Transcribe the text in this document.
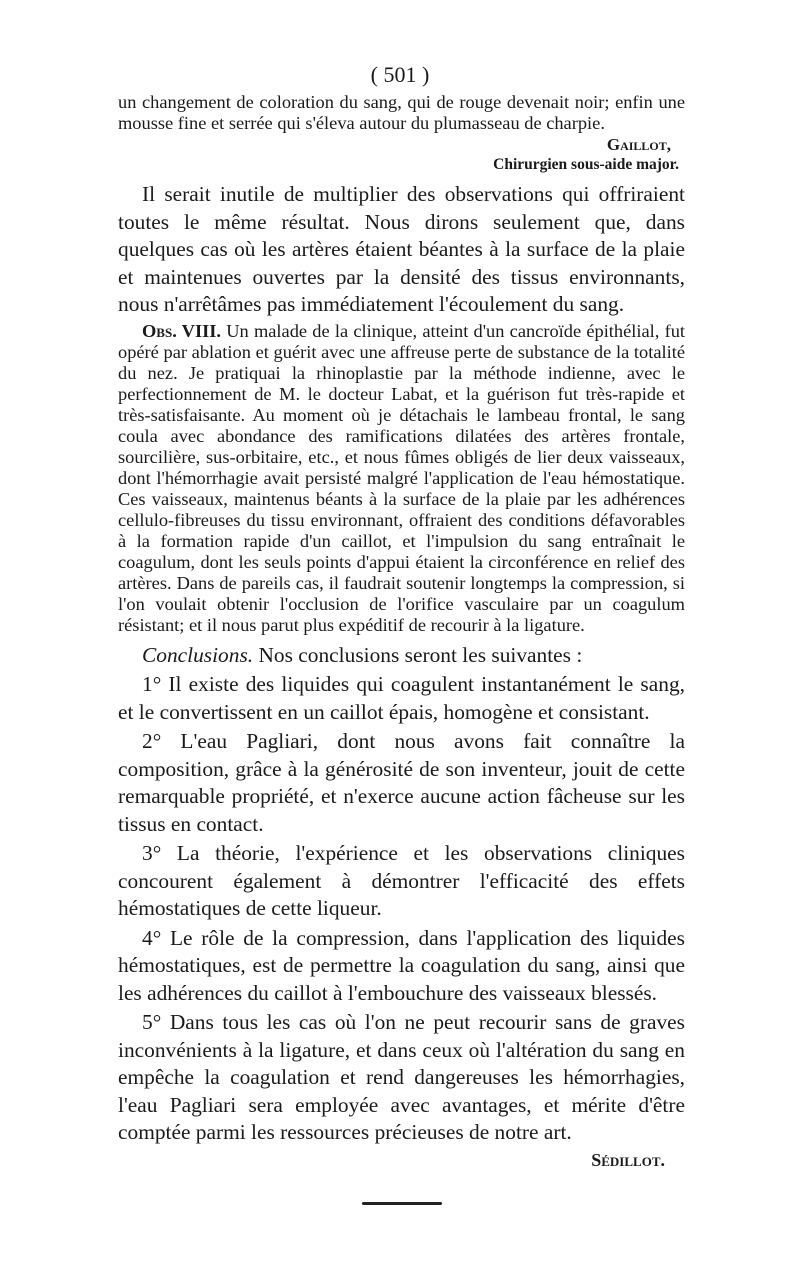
( 501 )

un changement de coloration du sang, qui de rouge devenait noir; enfin une mousse fine et serrée qui s'éleva autour du plumasseau de charpie.

Gaillot,
Chirurgien sous-aide major.

Il serait inutile de multiplier des observations qui offriraient toutes le même résultat. Nous dirons seulement que, dans quelques cas où les artères étaient béantes à la surface de la plaie et maintenues ouvertes par la densité des tissus environnants, nous n'arrêtâmes pas immédiatement l'écoulement du sang.

Obs. VIII. Un malade de la clinique, atteint d'un cancroïde épithélial, fut opéré par ablation et guérit avec une affreuse perte de substance de la totalité du nez. Je pratiquai la rhinoplastie par la méthode indienne, avec le perfectionnement de M. le docteur Labat, et la guérison fut très-rapide et très-satisfaisante. Au moment où je détachais le lambeau frontal, le sang coula avec abondance des ramifications dilatées des artères frontale, sourcilière, sus-orbitaire, etc., et nous fûmes obligés de lier deux vaisseaux, dont l'hémorrhagie avait persisté malgré l'application de l'eau hémostatique. Ces vaisseaux, maintenus béants à la surface de la plaie par les adhérences cellulo-fibreuses du tissu environnant, offraient des conditions défavorables à la formation rapide d'un caillot, et l'impulsion du sang entraînait le coagulum, dont les seuls points d'appui étaient la circonférence en relief des artères. Dans de pareils cas, il faudrait soutenir longtemps la compression, si l'on voulait obtenir l'occlusion de l'orifice vasculaire par un coagulum résistant; et il nous parut plus expéditif de recourir à la ligature.

Conclusions. Nos conclusions seront les suivantes :

1° Il existe des liquides qui coagulent instantanément le sang, et le convertissent en un caillot épais, homogène et consistant.

2° L'eau Pagliari, dont nous avons fait connaître la composition, grâce à la générosité de son inventeur, jouit de cette remarquable propriété, et n'exerce aucune action fâcheuse sur les tissus en contact.

3° La théorie, l'expérience et les observations cliniques concourent également à démontrer l'efficacité des effets hémostatiques de cette liqueur.

4° Le rôle de la compression, dans l'application des liquides hémostatiques, est de permettre la coagulation du sang, ainsi que les adhérences du caillot à l'embouchure des vaisseaux blessés.

5° Dans tous les cas où l'on ne peut recourir sans de graves inconvénients à la ligature, et dans ceux où l'altération du sang en empêche la coagulation et rend dangereuses les hémorrhagies, l'eau Pagliari sera employée avec avantages, et mérite d'être comptée parmi les ressources précieuses de notre art.
Sédillot.
